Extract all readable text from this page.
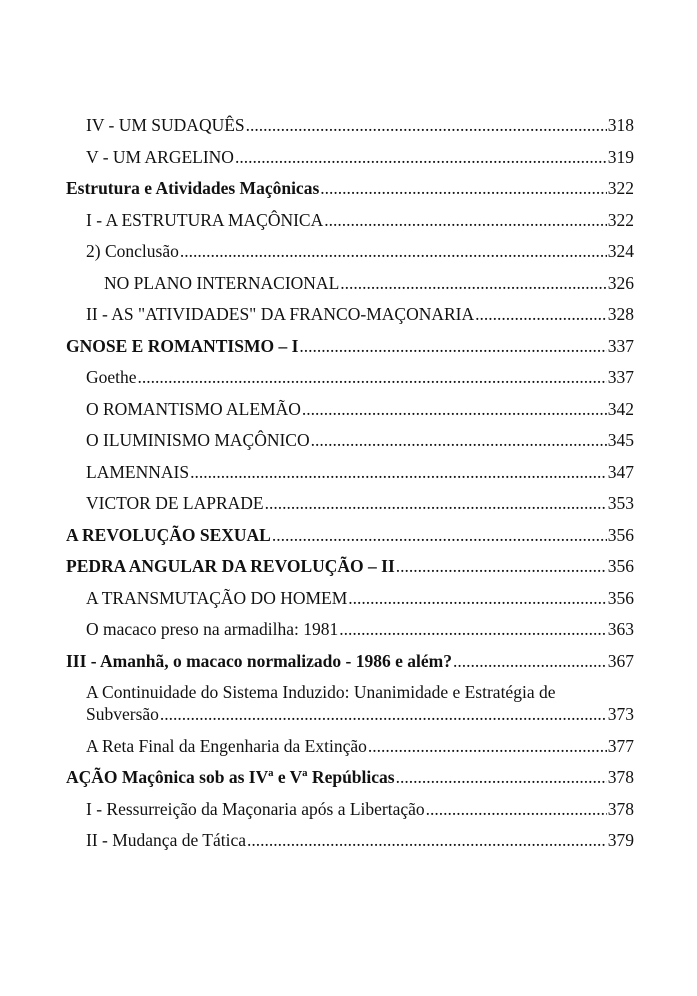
IV - UM SUDAQUÊS .....	318
V - UM ARGELINO .....	319
Estrutura e Atividades Maçônicas .....	322
I - A ESTRUTURA MAÇÔNICA .....	322
2) Conclusão .....	324
NO PLANO INTERNACIONAL .....	326
II - AS "ATIVIDADES" DA FRANCO-MAÇONARIA .....	328
GNOSE E ROMANTISMO – I .....	337
Goethe .....	337
O ROMANTISMO ALEMÃO .....	342
O ILUMINISMO MAÇÔNICO .....	345
LAMENNAIS .....	347
VICTOR DE LAPRADE .....	353
A REVOLUÇÃO SEXUAL .....	356
PEDRA ANGULAR DA REVOLUÇÃO – II .....	356
A TRANSMUTAÇÃO DO HOMEM .....	356
O macaco preso na armadilha: 1981 .....	363
III - Amanhã, o macaco normalizado - 1986 e além? .....	367
A Continuidade do Sistema Induzido: Unanimidade e Estratégia de
Subversão .....	373
A Reta Final da Engenharia da Extinção .....	377
AÇÃO Maçônica sob as IVª e Vª Repúblicas .....	378
I - Ressurreição da Maçonaria após a Libertação .....	378
II - Mudança de Tática .....	379
